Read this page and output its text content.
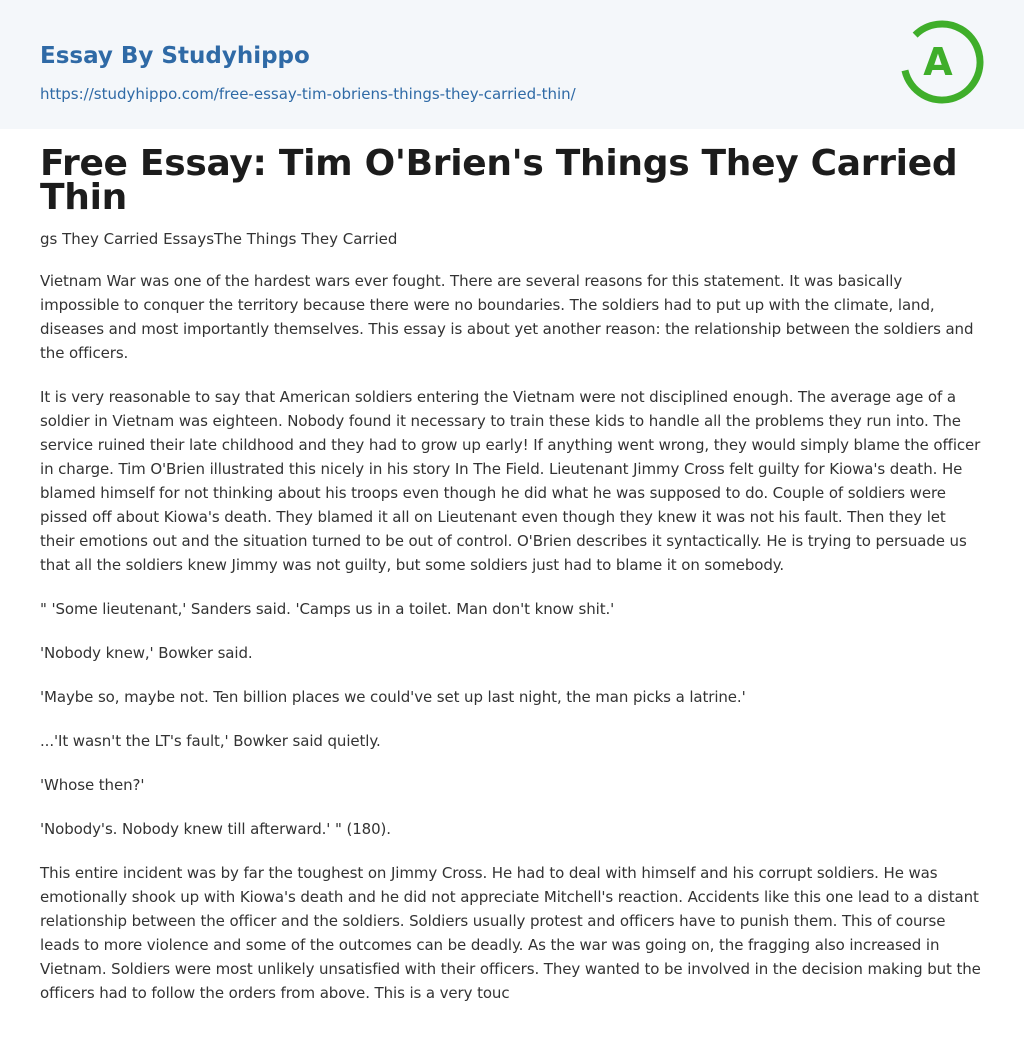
Essay By Studyhippo
https://studyhippo.com/free-essay-tim-obriens-things-they-carried-thin/
A
Free Essay: Tim O'Brien's Things They Carried Thin

gs They Carried EssaysThe Things They Carried

Vietnam War was one of the hardest wars ever fought. There are several reasons for this statement. It was basically impossible to conquer the territory because there were no boundaries. The soldiers had to put up with the climate, land, diseases and most importantly themselves. This essay is about yet another reason: the relationship between the soldiers and the officers.

It is very reasonable to say that American soldiers entering the Vietnam were not disciplined enough. The average age of a soldier in Vietnam was eighteen. Nobody found it necessary to train these kids to handle all the problems they run into. The service ruined their late childhood and they had to grow up early! If anything went wrong, they would simply blame the officer in charge. Tim O'Brien illustrated this nicely in his story In The Field. Lieutenant Jimmy Cross felt guilty for Kiowa's death. He blamed himself for not thinking about his troops even though he did what he was supposed to do. Couple of soldiers were pissed off about Kiowa's death. They blamed it all on Lieutenant even though they knew it was not his fault. Then they let their emotions out and the situation turned to be out of control. O'Brien describes it syntactically. He is trying to persuade us that all the soldiers knew Jimmy was not guilty, but some soldiers just had to blame it on somebody.

" 'Some lieutenant,' Sanders said. 'Camps us in a toilet. Man don't know shit.'

'Nobody knew,' Bowker said.

'Maybe so, maybe not. Ten billion places we could've set up last night, the man picks a latrine.'

...'It wasn't the LT's fault,' Bowker said quietly.

'Whose then?'

'Nobody's. Nobody knew till afterward.' " (180).

This entire incident was by far the toughest on Jimmy Cross. He had to deal with himself and his corrupt soldiers. He was emotionally shook up with Kiowa's death and he did not appreciate Mitchell's reaction. Accidents like this one lead to a distant relationship between the officer and the soldiers. Soldiers usually protest and officers have to punish them. This of course leads to more violence and some of the outcomes can be deadly. As the war was going on, the fragging also increased in Vietnam. Soldiers were most unlikely unsatisfied with their officers. They wanted to be involved in the decision making but the officers had to follow the orders from above. This is a very touc
